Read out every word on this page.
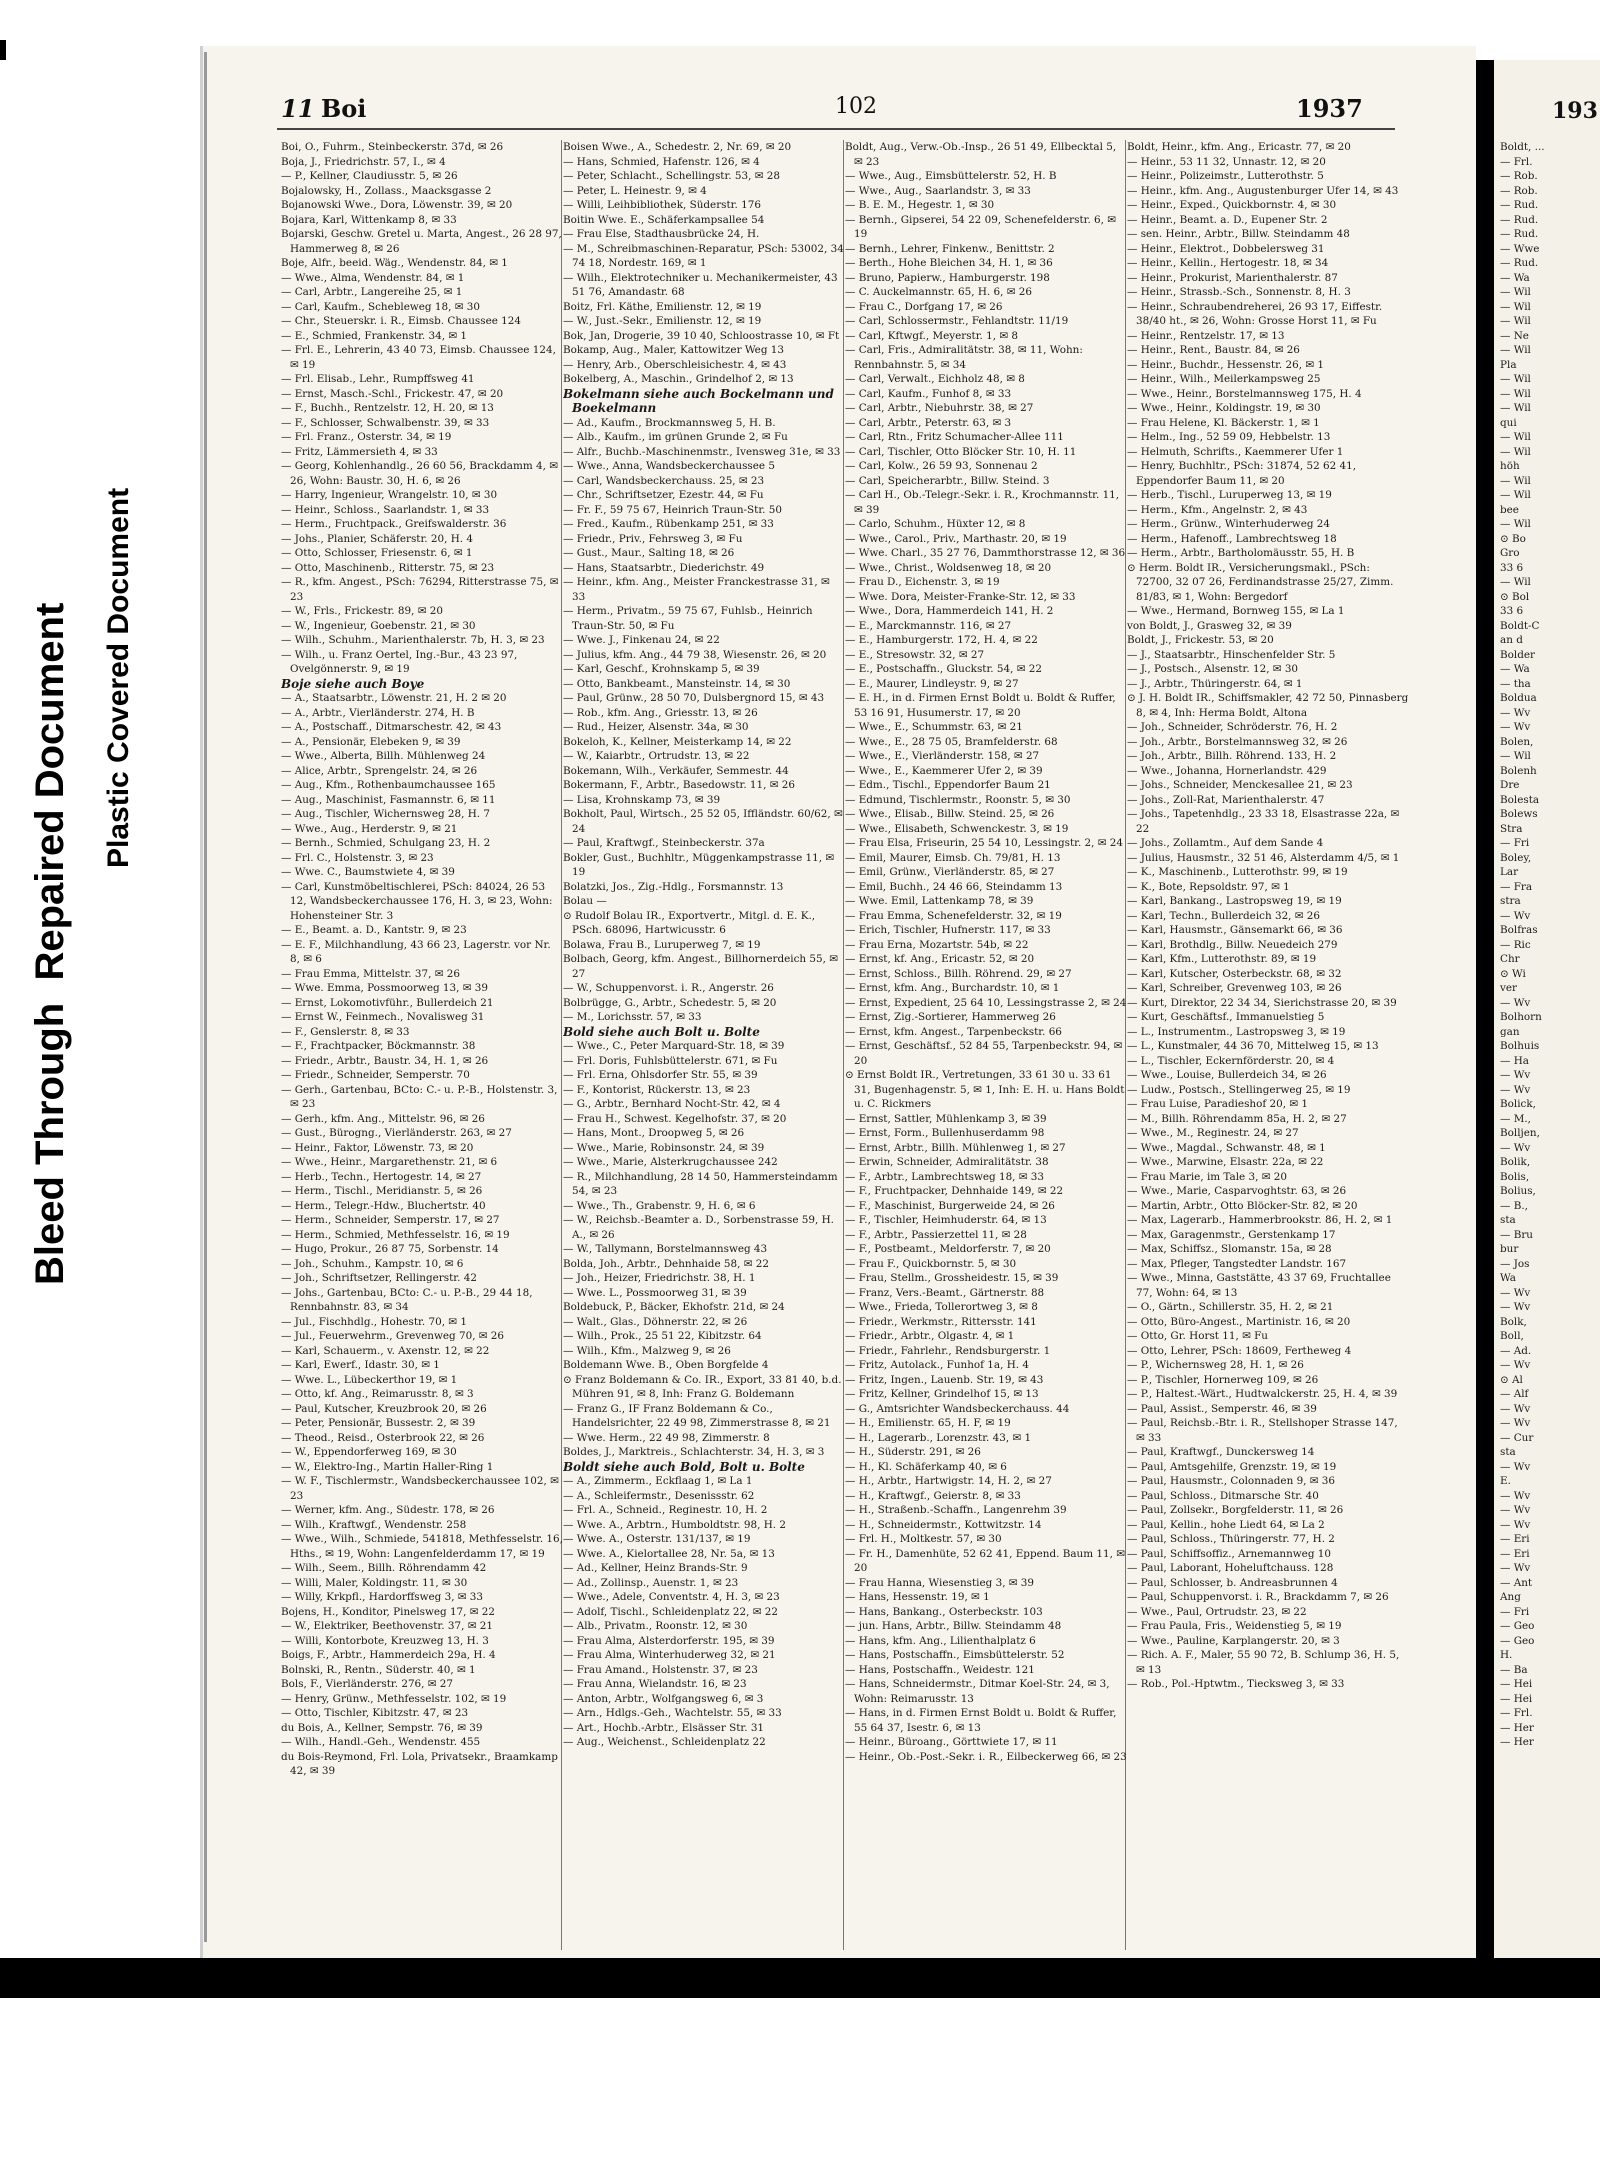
Bleed Through  Repaired Document Plastic Covered Document
11 Boi	102	1937

Boi, O., Fuhrm., Steinbeckerstr. 37d, ✉ 26

Boja, J., Friedrichstr. 57, I., ✉ 4

— P., Kellner, Claudiusstr. 5, ✉ 26

Bojalowsky, H., Zollass., Maacksgasse 2

Bojanowski Wwe., Dora, Löwenstr. 39, ✉ 20

Bojara, Karl, Wittenkamp 8, ✉ 33

Bojarski, Geschw. Gretel u. Marta, Angest., 26 28 97, Hammerweg 8, ✉ 26

Boje, Alfr., beeid. Wäg., Wendenstr. 84, ✉ 1

— Wwe., Alma, Wendenstr. 84, ✉ 1

— Carl, Arbtr., Langereihe 25, ✉ 1

— Carl, Kaufm., Schebleweg 18, ✉ 30

— Chr., Steuerskr. i. R., Eimsb. Chaussee 124

— E., Schmied, Frankenstr. 34, ✉ 1

— Frl. E., Lehrerin, 43 40 73, Eimsb. Chaussee 124, ✉ 19

— Frl. Elisab., Lehr., Rumpffsweg 41

— Ernst, Masch.-Schl., Frickestr. 47, ✉ 20

— F., Buchh., Rentzelstr. 12, H. 20, ✉ 13

— F., Schlosser, Schwalbenstr. 39, ✉ 33

— Frl. Franz., Osterstr. 34, ✉ 19

— Fritz, Lämmersieth 4, ✉ 33

— Georg, Kohlenhandlg., 26 60 56, Brackdamm 4, ✉ 26, Wohn: Baustr. 30, H. 6, ✉ 26

— Harry, Ingenieur, Wrangelstr. 10, ✉ 30

— Heinr., Schloss., Saarlandstr. 1, ✉ 33

— Herm., Fruchtpack., Greifswalderstr. 36

— Johs., Planier, Schäferstr. 20, H. 4

— Otto, Schlosser, Friesenstr. 6, ✉ 1

— Otto, Maschinenb., Ritterstr. 75, ✉ 23

— R., kfm. Angest., PSch: 76294, Ritterstrasse 75, ✉ 23

— W., Frls., Frickestr. 89, ✉ 20

— W., Ingenieur, Goebenstr. 21, ✉ 30

— Wilh., Schuhm., Marienthalerstr. 7b, H. 3, ✉ 23

— Wilh., u. Franz Oertel, Ing.-Bur., 43 23 97, Ovelgönnerstr. 9, ✉ 19

Boje siehe auch Boye

— A., Staatsarbtr., Löwenstr. 21, H. 2 ✉ 20

— A., Arbtr., Vierländerstr. 274, H. B

— A., Postschaff., Ditmarschestr. 42, ✉ 43

— A., Pensionär, Elebeken 9, ✉ 39

— Wwe., Alberta, Billh. Mühlenweg 24

— Alice, Arbtr., Sprengelstr. 24, ✉ 26

— Aug., Kfm., Rothenbaumchaussee 165

— Aug., Maschinist, Fasmannstr. 6, ✉ 11

— Aug., Tischler, Wichernsweg 28, H. 7

— Wwe., Aug., Herderstr. 9, ✉ 21

— Bernh., Schmied, Schulgang 23, H. 2

— Frl. C., Holstenstr. 3, ✉ 23

— Wwe. C., Baumstwiete 4, ✉ 39

— Carl, Kunstmöbeltischlerei, PSch: 84024, 26 53 12, Wandsbeckerchaussee 176, H. 3, ✉ 23, Wohn: Hohensteiner Str. 3

— E., Beamt. a. D., Kantstr. 9, ✉ 23

— E. F., Milchhandlung, 43 66 23, Lagerstr. vor Nr. 8, ✉ 6

— Frau Emma, Mittelstr. 37, ✉ 26

— Wwe. Emma, Possmoorweg 13, ✉ 39

— Ernst, Lokomotivführ., Bullerdeich 21

— Ernst W., Feinmech., Novalisweg 31

— F., Genslerstr. 8, ✉ 33

— F., Frachtpacker, Böckmannstr. 38

— Friedr., Arbtr., Baustr. 34, H. 1, ✉ 26

— Friedr., Schneider, Semperstr. 70

— Gerh., Gartenbau, BCto: C.- u. P.-B., Holstenstr. 3, ✉ 23

— Gerh., kfm. Ang., Mittelstr. 96, ✉ 26

— Gust., Bürogng., Vierländerstr. 263, ✉ 27

— Heinr., Faktor, Löwenstr. 73, ✉ 20

— Wwe., Heinr., Margarethenstr. 21, ✉ 6

— Herb., Techn., Hertogestr. 14, ✉ 27

— Herm., Tischl., Meridianstr. 5, ✉ 26

— Herm., Telegr.-Hdw., Bluchertstr. 40

— Herm., Schneider, Semperstr. 17, ✉ 27

— Herm., Schmied, Methfesselstr. 16, ✉ 19

— Hugo, Prokur., 26 87 75, Sorbenstr. 14

— Joh., Schuhm., Kampstr. 10, ✉ 6

— Joh., Schriftsetzer, Rellingerstr. 42

— Johs., Gartenbau, BCto: C.- u. P.-B., 29 44 18, Rennbahnstr. 83, ✉ 34

— Jul., Fischhdlg., Hohestr. 70, ✉ 1

— Jul., Feuerwehrm., Grevenweg 70, ✉ 26

— Karl, Schauerm., v. Axenstr. 12, ✉ 22

— Karl, Ewerf., Idastr. 30, ✉ 1

— Wwe. L., Lübeckerthor 19, ✉ 1

— Otto, kf. Ang., Reimarusstr. 8, ✉ 3

— Paul, Kutscher, Kreuzbrook 20, ✉ 26

— Peter, Pensionär, Bussestr. 2, ✉ 39

— Theod., Reisd., Osterbrook 22, ✉ 26

— W., Eppendorferweg 169, ✉ 30

— W., Elektro-Ing., Martin Haller-Ring 1

— W. F., Tischlermstr., Wandsbeckerchaussee 102, ✉ 23

— Werner, kfm. Ang., Südestr. 178, ✉ 26

— Wilh., Kraftwgf., Wendenstr. 258

— Wwe., Wilh., Schmiede, 541818, Methfesselstr. 16, Hths., ✉ 19, Wohn: Langenfelderdamm 17, ✉ 19

— Wilh., Seem., Billh. Röhrendamm 42

— Willi, Maler, Koldingstr. 11, ✉ 30

— Willy, Krkpfl., Hardorffsweg 3, ✉ 33

Bojens, H., Konditor, Pinelsweg 17, ✉ 22

— W., Elektriker, Beethovenstr. 37, ✉ 21

— Willi, Kontorbote, Kreuzweg 13, H. 3

Boigs, F., Arbtr., Hammerdeich 29a, H. 4

Bolnski, R., Rentn., Süderstr. 40, ✉ 1

Bols, F., Vierländerstr. 276, ✉ 27

— Henry, Grünw., Methfesselstr. 102, ✉ 19

— Otto, Tischler, Kibitzstr. 47, ✉ 23

du Bois, A., Kellner, Sempstr. 76, ✉ 39

— Wilh., Handl.-Geh., Wendenstr. 455

du Bois-Reymond, Frl. Lola, Privatsekr., Braamkamp 42, ✉ 39

Boisen Wwe., A., Schedestr. 2, Nr. 69, ✉ 20

— Hans, Schmied, Hafenstr. 126, ✉ 4

— Peter, Schlacht., Schellingstr. 53, ✉ 28

— Peter, L. Heinestr. 9, ✉ 4

— Willi, Leihbibliothek, Süderstr. 176

Boitin Wwe. E., Schäferkampsallee 54

— Frau Else, Stadthausbrücke 24, H.

— M., Schreibmaschinen-Reparatur, PSch: 53002, 34 74 18, Nordestr. 169, ✉ 1

— Wilh., Elektrotechniker u. Mechanikermeister, 43 51 76, Amandastr. 68

Boitz, Frl. Käthe, Emilienstr. 12, ✉ 19

— W., Just.-Sekr., Emilienstr. 12, ✉ 19

Bok, Jan, Drogerie, 39 10 40, Schloostrasse 10, ✉ Ft

Bokamp, Aug., Maler, Kattowitzer Weg 13

— Henry, Arb., Oberschleisichestr. 4, ✉ 43

Bokelberg, A., Maschin., Grindelhof 2, ✉ 13

Bokelmann siehe auch Bockelmann und Boekelmann

— Ad., Kaufm., Brockmannsweg 5, H. B.

— Alb., Kaufm., im grünen Grunde 2, ✉ Fu

— Alfr., Buchb.-Maschinenmstr., Ivensweg 31e, ✉ 33

— Wwe., Anna, Wandsbeckerchaussee 5

— Carl, Wandsbeckerchauss. 25, ✉ 23

— Chr., Schriftsetzer, Ezestr. 44, ✉ Fu

— Fr. F., 59 75 67, Heinrich Traun-Str. 50

— Fred., Kaufm., Rübenkamp 251, ✉ 33

— Friedr., Priv., Fehrsweg 3, ✉ Fu

— Gust., Maur., Salting 18, ✉ 26

— Hans, Staatsarbtr., Diederichstr. 49

— Heinr., kfm. Ang., Meister Franckestrasse 31, ✉ 33

— Herm., Privatm., 59 75 67, Fuhlsb., Heinrich Traun-Str. 50, ✉ Fu

— Wwe. J., Finkenau 24, ✉ 22

— Julius, kfm. Ang., 44 79 38, Wiesenstr. 26, ✉ 20

— Karl, Geschf., Krohnskamp 5, ✉ 39

— Otto, Bankbeamt., Mansteinstr. 14, ✉ 30

— Paul, Grünw., 28 50 70, Dulsbergnord 15, ✉ 43

— Rob., kfm. Ang., Griesstr. 13, ✉ 26

— Rud., Heizer, Alsenstr. 34a, ✉ 30

Bokeloh, K., Kellner, Meisterkamp 14, ✉ 22

— W., Kaiarbtr., Ortrudstr. 13, ✉ 22

Bokemann, Wilh., Verkäufer, Semmestr. 44

Bokermann, F., Arbtr., Basedowstr. 11, ✉ 26

— Lisa, Krohnskamp 73, ✉ 39

Bokholt, Paul, Wirtsch., 25 52 05, Iffländstr. 60/62, ✉ 24

— Paul, Kraftwgf., Steinbeckerstr. 37a

Bokler, Gust., Buchhltr., Müggenkampstrasse 11, ✉ 19

Bolatzki, Jos., Zig.-Hdlg., Forsmannstr. 13

Bolau —

⊙ Rudolf Bolau IR., Exportvertr., Mitgl. d. E. K., PSch. 68096, Hartwicusstr. 6

Bolawa, Frau B., Luruperweg 7, ✉ 19

Bolbach, Georg, kfm. Angest., Billhornerdeich 55, ✉ 27

— W., Schuppenvorst. i. R., Angerstr. 26

Bolbrügge, G., Arbtr., Schedestr. 5, ✉ 20

— M., Lorichsstr. 57, ✉ 33

Bold siehe auch Bolt u. Bolte

— Wwe., C., Peter Marquard-Str. 18, ✉ 39

— Frl. Doris, Fuhlsbüttelerstr. 671, ✉ Fu

— Frl. Erna, Ohlsdorfer Str. 55, ✉ 39

— F., Kontorist, Rückerstr. 13, ✉ 23

— G., Arbtr., Bernhard Nocht-Str. 42, ✉ 4

— Frau H., Schwest. Kegelhofstr. 37, ✉ 20

— Hans, Mont., Droopweg 5, ✉ 26

— Wwe., Marie, Robinsonstr. 24, ✉ 39

— Wwe., Marie, Alsterkrugchaussee 242

— R., Milchhandlung, 28 14 50, Hammersteindamm 54, ✉ 23

— Wwe., Th., Grabenstr. 9, H. 6, ✉ 6

— W., Reichsb.-Beamter a. D., Sorbenstrasse 59, H. A., ✉ 26

— W., Tallymann, Borstelmannsweg 43

Bolda, Joh., Arbtr., Dehnhaide 58, ✉ 22

— Joh., Heizer, Friedrichstr. 38, H. 1

— Wwe. L., Possmoorweg 31, ✉ 39

Boldebuck, P., Bäcker, Ekhofstr. 21d, ✉ 24

— Walt., Glas., Döhnerstr. 22, ✉ 26

— Wilh., Prok., 25 51 22, Kibitzstr. 64

— Wilh., Kfm., Malzweg 9, ✉ 26

Boldemann Wwe. B., Oben Borgfelde 4

⊙ Franz Boldemann & Co. IR., Export, 33 81 40, b.d. Mühren 91, ✉ 8, Inh: Franz G. Boldemann

— Franz G., IF Franz Boldemann & Co., Handelsrichter, 22 49 98, Zimmerstrasse 8, ✉ 21

— Wwe. Herm., 22 49 98, Zimmerstr. 8

Boldes, J., Marktreis., Schlachterstr. 34, H. 3, ✉ 3

Boldt siehe auch Bold, Bolt u. Bolte

— A., Zimmerm., Eckflaag 1, ✉ La 1

— A., Schleifermstr., Desenissstr. 62

— Frl. A., Schneid., Reginestr. 10, H. 2

— Wwe. A., Arbtrn., Humboldtstr. 98, H. 2

— Wwe. A., Osterstr. 131/137, ✉ 19

— Wwe. A., Kielortallee 28, Nr. 5a, ✉ 13

— Ad., Kellner, Heinz Brands-Str. 9

— Ad., Zollinsp., Auenstr. 1, ✉ 23

— Wwe., Adele, Conventstr. 4, H. 3, ✉ 23

— Adolf, Tischl., Schleidenplatz 22, ✉ 22

— Alb., Privatm., Roonstr. 12, ✉ 30

— Frau Alma, Alsterdorferstr. 195, ✉ 39

— Frau Alma, Winterhuderweg 32, ✉ 21

— Frau Amand., Holstenstr. 37, ✉ 23

— Frau Anna, Wielandstr. 16, ✉ 23

— Anton, Arbtr., Wolfgangsweg 6, ✉ 3

— Arn., Hdlgs.-Geh., Wachtelstr. 55, ✉ 33

— Art., Hochb.-Arbtr., Elsässer Str. 31

— Aug., Weichenst., Schleidenplatz 22

Boldt, Aug., Verw.-Ob.-Insp., 26 51 49, Ellbecktal 5, ✉ 23

— Wwe., Aug., Eimsbüttelerstr. 52, H. B

— Wwe., Aug., Saarlandstr. 3, ✉ 33

— B. E. M., Hegestr. 1, ✉ 30

— Bernh., Gipserei, 54 22 09, Schenefelderstr. 6, ✉ 19

— Bernh., Lehrer, Finkenw., Benittstr. 2

— Berth., Hohe Bleichen 34, H. 1, ✉ 36

— Bruno, Papierw., Hamburgerstr. 198

— C. Auckelmannstr. 65, H. 6, ✉ 26

— Frau C., Dorfgang 17, ✉ 26

— Carl, Schlossermstr., Fehlandtstr. 11/19

— Carl, Kftwgf., Meyerstr. 1, ✉ 8

— Carl, Fris., Admiralitätstr. 38, ✉ 11, Wohn: Rennbahnstr. 5, ✉ 34

— Carl, Verwalt., Eichholz 48, ✉ 8

— Carl, Kaufm., Funhof 8, ✉ 33

— Carl, Arbtr., Niebuhrstr. 38, ✉ 27

— Carl, Arbtr., Peterstr. 63, ✉ 3

— Carl, Rtn., Fritz Schumacher-Allee 111

— Carl, Tischler, Otto Blöcker Str. 10, H. 11

— Carl, Kolw., 26 59 93, Sonnenau 2

— Carl, Speicherarbtr., Billw. Steind. 3

— Carl H., Ob.-Telegr.-Sekr. i. R., Krochmannstr. 11, ✉ 39

— Carlo, Schuhm., Hüxter 12, ✉ 8

— Wwe., Carol., Priv., Marthastr. 20, ✉ 19

— Wwe. Charl., 35 27 76, Dammthorstrasse 12, ✉ 36

— Wwe., Christ., Woldsenweg 18, ✉ 20

— Frau D., Eichenstr. 3, ✉ 19

— Wwe. Dora, Meister-Franke-Str. 12, ✉ 33

— Wwe., Dora, Hammerdeich 141, H. 2

— E., Marckmannstr. 116, ✉ 27

— E., Hamburgerstr. 172, H. 4, ✉ 22

— E., Stresowstr. 32, ✉ 27

— E., Postschaffn., Gluckstr. 54, ✉ 22

— E., Maurer, Lindleystr. 9, ✉ 27

— E. H., in d. Firmen Ernst Boldt u. Boldt & Ruffer, 53 16 91, Husumerstr. 17, ✉ 20

— Wwe., E., Schummstr. 63, ✉ 21

— Wwe., E., 28 75 05, Bramfelderstr. 68

— Wwe., E., Vierländerstr. 158, ✉ 27

— Wwe., E., Kaemmerer Ufer 2, ✉ 39

— Edm., Tischl., Eppendorfer Baum 21

— Edmund, Tischlermstr., Roonstr. 5, ✉ 30

— Wwe., Elisab., Billw. Steind. 25, ✉ 26

— Wwe., Elisabeth, Schwenckestr. 3, ✉ 19

— Frau Elsa, Friseurin, 25 54 10, Lessingstr. 2, ✉ 24

— Emil, Maurer, Eimsb. Ch. 79/81, H. 13

— Emil, Grünw., Vierländerstr. 85, ✉ 27

— Emil, Buchh., 24 46 66, Steindamm 13

— Wwe. Emil, Lattenkamp 78, ✉ 39

— Frau Emma, Schenefelderstr. 32, ✉ 19

— Erich, Tischler, Hufnerstr. 117, ✉ 33

— Frau Erna, Mozartstr. 54b, ✉ 22

— Ernst, kf. Ang., Ericastr. 52, ✉ 20

— Ernst, Schloss., Billh. Röhrend. 29, ✉ 27

— Ernst, kfm. Ang., Burchardstr. 10, ✉ 1

— Ernst, Expedient, 25 64 10, Lessingstrasse 2, ✉ 24

— Ernst, Zig.-Sortierer, Hammerweg 26

— Ernst, kfm. Angest., Tarpenbeckstr. 66

— Ernst, Geschäftsf., 52 84 55, Tarpenbeckstr. 94, ✉ 20

⊙ Ernst Boldt IR., Vertretungen, 33 61 30 u. 33 61 31, Bugenhagenstr. 5, ✉ 1, Inh: E. H. u. Hans Boldt u. C. Rickmers

— Ernst, Sattler, Mühlenkamp 3, ✉ 39

— Ernst, Form., Bullenhuserdamm 98

— Ernst, Arbtr., Billh. Mühlenweg 1, ✉ 27

— Erwin, Schneider, Admiralitätstr. 38

— F., Arbtr., Lambrechtsweg 18, ✉ 33

— F., Fruchtpacker, Dehnhaide 149, ✉ 22

— F., Maschinist, Burgerweide 24, ✉ 26

— F., Tischler, Heimhuderstr. 64, ✉ 13

— F., Arbtr., Passierzettel 11, ✉ 28

— F., Postbeamt., Meldorferstr. 7, ✉ 20

— Frau F., Quickbornstr. 5, ✉ 30

— Frau, Stellm., Grossheidestr. 15, ✉ 39

— Franz, Vers.-Beamt., Gärtnerstr. 88

— Wwe., Frieda, Tollerortweg 3, ✉ 8

— Friedr., Werkmstr., Rittersstr. 141

— Friedr., Arbtr., Olgastr. 4, ✉ 1

— Friedr., Fahrlehr., Rendsburgerstr. 1

— Fritz, Autolack., Funhof 1a, H. 4

— Fritz, Ingen., Lauenb. Str. 19, ✉ 43

— Fritz, Kellner, Grindelhof 15, ✉ 13

— G., Amtsrichter Wandsbeckerchauss. 44

— H., Emilienstr. 65, H. F, ✉ 19

— H., Lagerarb., Lorenzstr. 43, ✉ 1

— H., Süderstr. 291, ✉ 26

— H., Kl. Schäferkamp 40, ✉ 6

— H., Arbtr., Hartwigstr. 14, H. 2, ✉ 27

— H., Kraftwgf., Geierstr. 8, ✉ 33

— H., Straßenb.-Schaffn., Langenrehm 39

— H., Schneidermstr., Kottwitzstr. 14

— Frl. H., Moltkestr. 57, ✉ 30

— Fr. H., Damenhüte, 52 62 41, Eppend. Baum 11, ✉ 20

— Frau Hanna, Wiesenstieg 3, ✉ 39

— Hans, Hessenstr. 19, ✉ 1

— Hans, Bankang., Osterbeckstr. 103

— jun. Hans, Arbtr., Billw. Steindamm 48

— Hans, kfm. Ang., Lilienthalplatz 6

— Hans, Postschaffn., Eimsbüttelerstr. 52

— Hans, Postschaffn., Weidestr. 121

— Hans, Schneidermstr., Ditmar Koel-Str. 24, ✉ 3, Wohn: Reimarusstr. 13

— Hans, in d. Firmen Ernst Boldt u. Boldt & Ruffer, 55 64 37, Isestr. 6, ✉ 13

— Heinr., Büroang., Görttwiete 17, ✉ 11

— Heinr., Ob.-Post.-Sekr. i. R., Eilbeckerweg 66, ✉ 23

Boldt, Heinr., kfm. Ang., Ericastr. 77, ✉ 20

— Heinr., 53 11 32, Unnastr. 12, ✉ 20

— Heinr., Polizeimstr., Lutterothstr. 5

— Heinr., kfm. Ang., Augustenburger Ufer 14, ✉ 43

— Heinr., Exped., Quickbornstr. 4, ✉ 30

— Heinr., Beamt. a. D., Eupener Str. 2

— sen. Heinr., Arbtr., Billw. Steindamm 48

— Heinr., Elektrot., Dobbelersweg 31

— Heinr., Kellin., Hertogestr. 18, ✉ 34

— Heinr., Prokurist, Marienthalerstr. 87

— Heinr., Strassb.-Sch., Sonnenstr. 8, H. 3

— Heinr., Schraubendreherei, 26 93 17, Eiffestr. 38/40 ht., ✉ 26, Wohn: Grosse Horst 11, ✉ Fu

— Heinr., Rentzelstr. 17, ✉ 13

— Heinr., Rent., Baustr. 84, ✉ 26

— Heinr., Buchdr., Hessenstr. 26, ✉ 1

— Heinr., Wilh., Meilerkampsweg 25

— Wwe., Heinr., Borstelmannsweg 175, H. 4

— Wwe., Heinr., Koldingstr. 19, ✉ 30

— Frau Helene, Kl. Bäckerstr. 1, ✉ 1

— Helm., Ing., 52 59 09, Hebbelstr. 13

— Helmuth, Schrifts., Kaemmerer Ufer 1

— Henry, Buchhltr., PSch: 31874, 52 62 41, Eppendorfer Baum 11, ✉ 20

— Herb., Tischl., Luruperweg 13, ✉ 19

— Herm., Kfm., Angelnstr. 2, ✉ 43

— Herm., Grünw., Winterhuderweg 24

— Herm., Hafenoff., Lambrechtsweg 18

— Herm., Arbtr., Bartholomäusstr. 55, H. B

⊙ Herm. Boldt IR., Versicherungsmakl., PSch: 72700, 32 07 26, Ferdinandstrasse 25/27, Zimm. 81/83, ✉ 1, Wohn: Bergedorf

— Wwe., Hermand, Bornweg 155, ✉ La 1

von Boldt, J., Grasweg 32, ✉ 39

Boldt, J., Frickestr. 53, ✉ 20

— J., Staatsarbtr., Hinschenfelder Str. 5

— J., Postsch., Alsenstr. 12, ✉ 30

— J., Arbtr., Thüringerstr. 64, ✉ 1

⊙ J. H. Boldt IR., Schiffsmakler, 42 72 50, Pinnasberg 8, ✉ 4, Inh: Herma Boldt, Altona

— Joh., Schneider, Schröderstr. 76, H. 2

— Joh., Arbtr., Borstelmannsweg 32, ✉ 26

— Joh., Arbtr., Billh. Röhrend. 133, H. 2

— Wwe., Johanna, Hornerlandstr. 429

— Johs., Schneider, Menckesallee 21, ✉ 23

— Johs., Zoll-Rat, Marienthalerstr. 47

— Johs., Tapetenhdlg., 23 33 18, Elsastrasse 22a, ✉ 22

— Johs., Zollamtm., Auf dem Sande 4

— Julius, Hausmstr., 32 51 46, Alsterdamm 4/5, ✉ 1

— K., Maschinenb., Lutterothstr. 99, ✉ 19

— K., Bote, Repsoldstr. 97, ✉ 1

— Karl, Bankang., Lastropsweg 19, ✉ 19

— Karl, Techn., Bullerdeich 32, ✉ 26

— Karl, Hausmstr., Gänsemarkt 66, ✉ 36

— Karl, Brothdlg., Billw. Neuedeich 279

— Karl, Kfm., Lutterothstr. 89, ✉ 19

— Karl, Kutscher, Osterbeckstr. 68, ✉ 32

— Karl, Schreiber, Grevenweg 103, ✉ 26

— Kurt, Direktor, 22 34 34, Sierichstrasse 20, ✉ 39

— Kurt, Geschäftsf., Immanuelstieg 5

— L., Instrumentm., Lastropsweg 3, ✉ 19

— L., Kunstmaler, 44 36 70, Mittelweg 15, ✉ 13

— L., Tischler, Eckernförderstr. 20, ✉ 4

— Wwe., Louise, Bullerdeich 34, ✉ 26

— Ludw., Postsch., Stellingerweg 25, ✉ 19

— Frau Luise, Paradieshof 20, ✉ 1

— M., Billh. Röhrendamm 85a, H. 2, ✉ 27

— Wwe., M., Reginestr. 24, ✉ 27

— Wwe., Magdal., Schwanstr. 48, ✉ 1

— Wwe., Marwine, Elsastr. 22a, ✉ 22

— Frau Marie, im Tale 3, ✉ 20

— Wwe., Marie, Casparvoghtstr. 63, ✉ 26

— Martin, Arbtr., Otto Blöcker-Str. 82, ✉ 20

— Max, Lagerarb., Hammerbrookstr. 86, H. 2, ✉ 1

— Max, Garagenmstr., Gerstenkamp 17

— Max, Schiffsz., Slomanstr. 15a, ✉ 28

— Max, Pfleger, Tangstedter Landstr. 167

— Wwe., Minna, Gaststätte, 43 37 69, Fruchtallee 77, Wohn: 64, ✉ 13

— O., Gärtn., Schillerstr. 35, H. 2, ✉ 21

— Otto, Büro-Angest., Martinistr. 16, ✉ 20

— Otto, Gr. Horst 11, ✉ Fu

— Otto, Lehrer, PSch: 18609, Fertheweg 4

— P., Wichernsweg 28, H. 1, ✉ 26

— P., Tischler, Hornerweg 109, ✉ 26

— P., Haltest.-Wärt., Hudtwalckerstr. 25, H. 4, ✉ 39

— Paul, Assist., Semperstr. 46, ✉ 39

— Paul, Reichsb.-Btr. i. R., Stellshoper Strasse 147, ✉ 33

— Paul, Kraftwgf., Dunckersweg 14

— Paul, Amtsgehilfe, Grenzstr. 19, ✉ 19

— Paul, Hausmstr., Colonnaden 9, ✉ 36

— Paul, Schloss., Ditmarsche Str. 40

— Paul, Zollsekr., Borgfelderstr. 11, ✉ 26

— Paul, Kellin., hohe Liedt 64, ✉ La 2

— Paul, Schloss., Thüringerstr. 77, H. 2

— Paul, Schiffsoffiz., Arnemannweg 10

— Paul, Laborant, Hoheluftchauss. 128

— Paul, Schlosser, b. Andreasbrunnen 4

— Paul, Schuppenvorst. i. R., Brackdamm 7, ✉ 26

— Wwe., Paul, Ortrudstr. 23, ✉ 22

— Frau Paula, Fris., Weidenstieg 5, ✉ 19

— Wwe., Pauline, Karplangerstr. 20, ✉ 3

— Rich. A. F., Maler, 55 90 72, B. Schlump 36, H. 5, ✉ 13

— Rob., Pol.-Hptwtm., Tiecksweg 3, ✉ 33

193
Boldt, ...
— Frl.
— Rob.
— Rob.
— Rud.
— Rud.
— Rud.
— Wwe
— Rud.
— Wa
— Wil
— Wil
— Wil
— Ne
— Wil
Pla
— Wil
— Wil
— Wil
qui
— Wil
— Wil
höh
— Wil
— Wil
bee
— Wil
⊙ Bo
Gro
33 6
— Wil
⊙ Bol
33 6
Boldt-C
an d
Bolder
— Wa
— tha
Boldua
— Wv
— Wv
Bolen,
— Wil
Bolenh
Dre
Bolesta
Bolews
Stra
— Fri
Boley,
Lar
— Fra
stra
— Wv
Bolfras
— Ric
Chr
⊙ Wi
ver
— Wv
Bolhorn
gan
Bolhuis
— Ha
— Wv
— Wv
Bolick,
— M.,
Bolljen,
— Wv
Bolik,
Bolis,
Bolius,
— B.,
sta
— Bru
bur
— Jos
Wa
— Wv
— Wv
Bolk,
Boll,
— Ad.
— Wv
⊙ Al
— Alf
— Wv
— Wv
— Cur
sta
— Wv
E.
— Wv
— Wv
— Wv
— Eri
— Eri
— Wv
— Ant
Ang
— Fri
— Geo
— Geo
H.
— Ba
— Hei
— Hei
— Frl.
— Her
— Her
